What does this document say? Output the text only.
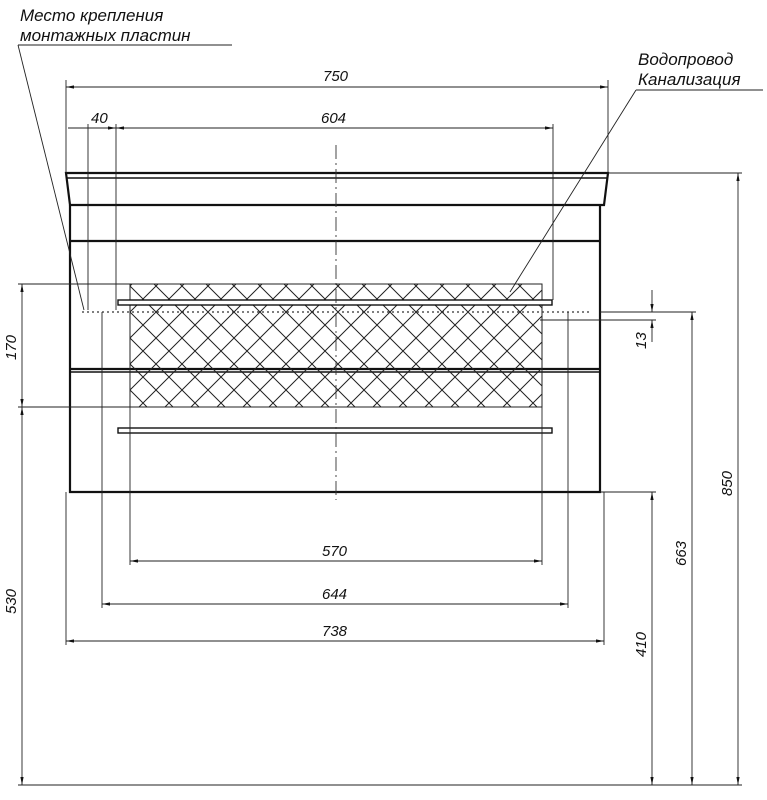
Место крепления
монтажных пластин
Водопровод
Канализация
750
40	604
570
644
738
170
530
13
410
663
850
